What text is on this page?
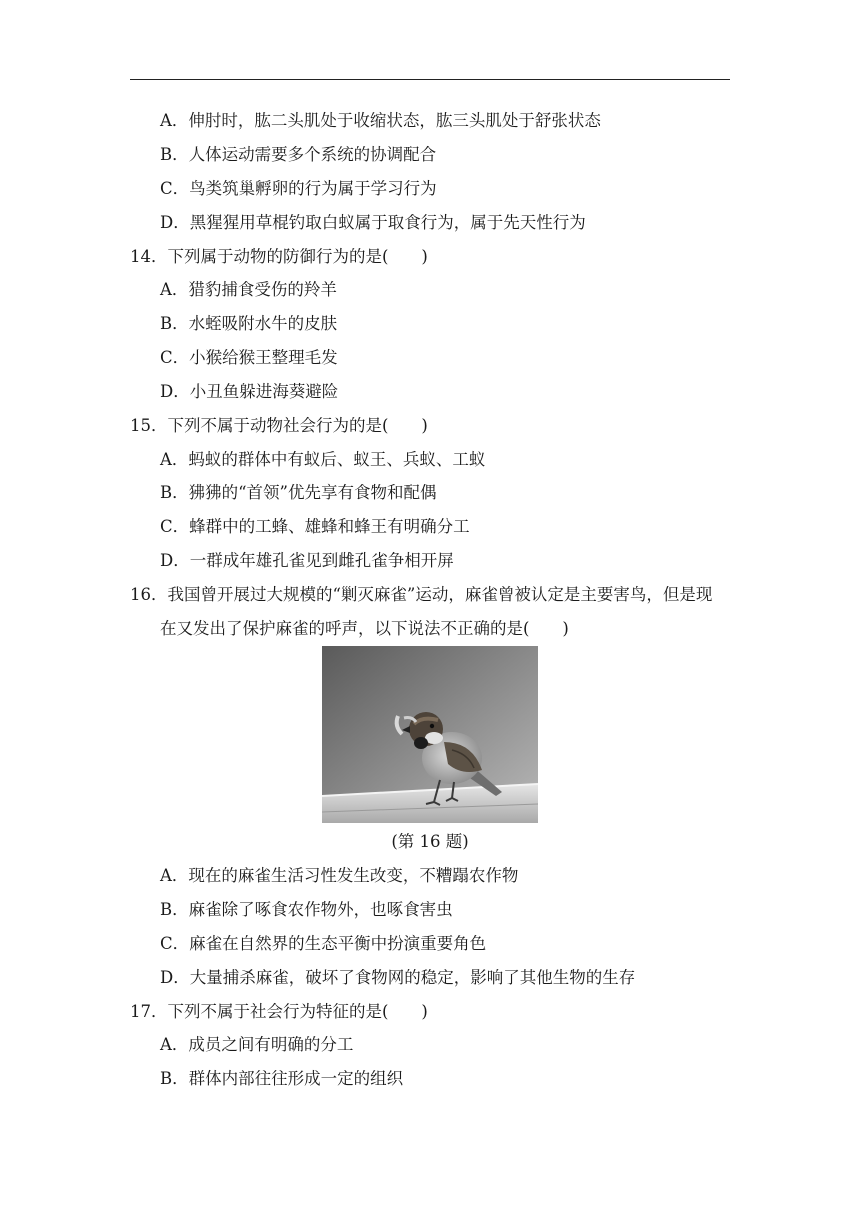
A．伸肘时，肱二头肌处于收缩状态，肱三头肌处于舒张状态
B．人体运动需要多个系统的协调配合
C．鸟类筑巢孵卵的行为属于学习行为
D．黑猩猩用草棍钓取白蚁属于取食行为，属于先天性行为
14．下列属于动物的防御行为的是(　　)
A．猎豹捕食受伤的羚羊
B．水蛭吸附水牛的皮肤
C．小猴给猴王整理毛发
D．小丑鱼躲进海葵避险
15．下列不属于动物社会行为的是(　　)
A．蚂蚁的群体中有蚁后、蚁王、兵蚁、工蚁
B．狒狒的“首领”优先享有食物和配偶
C．蜂群中的工蜂、雄蜂和蜂王有明确分工
D．一群成年雄孔雀见到雌孔雀争相开屏
16．我国曾开展过大规模的“剿灭麻雀”运动，麻雀曾被认定是主要害鸟，但是现
在又发出了保护麻雀的呼声，以下说法不正确的是(　　)
(第 16 题)
A．现在的麻雀生活习性发生改变，不糟蹋农作物
B．麻雀除了啄食农作物外，也啄食害虫
C．麻雀在自然界的生态平衡中扮演重要角色
D．大量捕杀麻雀，破坏了食物网的稳定，影响了其他生物的生存
17．下列不属于社会行为特征的是(　　)
A．成员之间有明确的分工
B．群体内部往往形成一定的组织
